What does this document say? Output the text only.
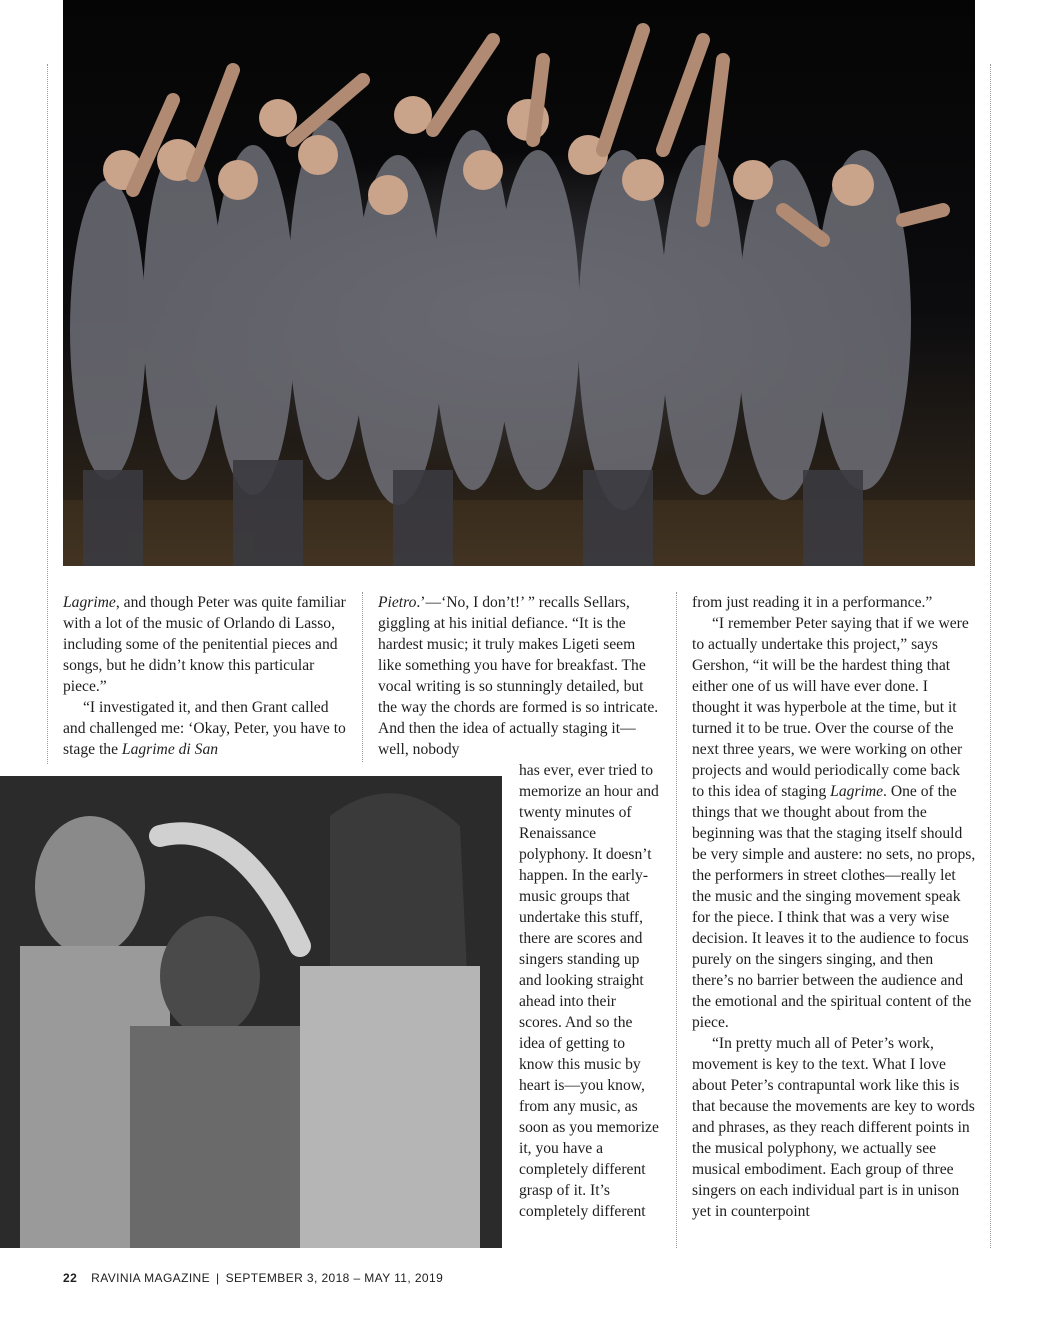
Lagrime, and though Peter was quite familiar with a lot of the music of Orlando di Lasso, including some of the penitential pieces and songs, but he didn’t know this particular piece.”

“I investigated it, and then Grant called and challenged me: ‘Okay, Peter, you have to stage the Lagrime di San

Pietro.’—‘No, I don’t!’ ” recalls Sellars, giggling at his initial defiance. “It is the hardest music; it truly makes Ligeti seem like something you have for breakfast. The vocal writing is so stunningly detailed, but the way the chords are formed is so intricate. And then the idea of actually staging it—well, nobody

has ever, ever tried to memorize an hour and twenty minutes of Renaissance polyphony. It doesn’t happen. In the early-music groups that undertake this stuff, there are scores and singers standing up and looking straight ahead into their scores. And so the idea of getting to know this music by heart is—you know, from any music, as soon as you memorize it, you have a completely different grasp of it. It’s completely different

from just reading it in a performance.”

“I remember Peter saying that if we were to actually undertake this project,” says Gershon, “it will be the hardest thing that either one of us will have ever done. I thought it was hyperbole at the time, but it turned it to be true. Over the course of the next three years, we were working on other projects and would periodically come back to this idea of staging Lagrime. One of the things that we thought about from the beginning was that the staging itself should be very simple and austere: no sets, no props, the performers in street clothes—really let the music and the singing movement speak for the piece. I think that was a very wise decision. It leaves it to the audience to focus purely on the singers singing, and then there’s no barrier between the audience and the emotional and the spiritual content of the piece.

“In pretty much all of Peter’s work, movement is key to the text. What I love about Peter’s contrapuntal work like this is that because the movements are key to words and phrases, as they reach different points in the musical polyphony, we actually see musical embodiment. Each group of three singers on each individual part is in unison yet in counterpoint

22 RAVINIA MAGAZINE | SEPTEMBER 3, 2018 – MAY 11, 2019
